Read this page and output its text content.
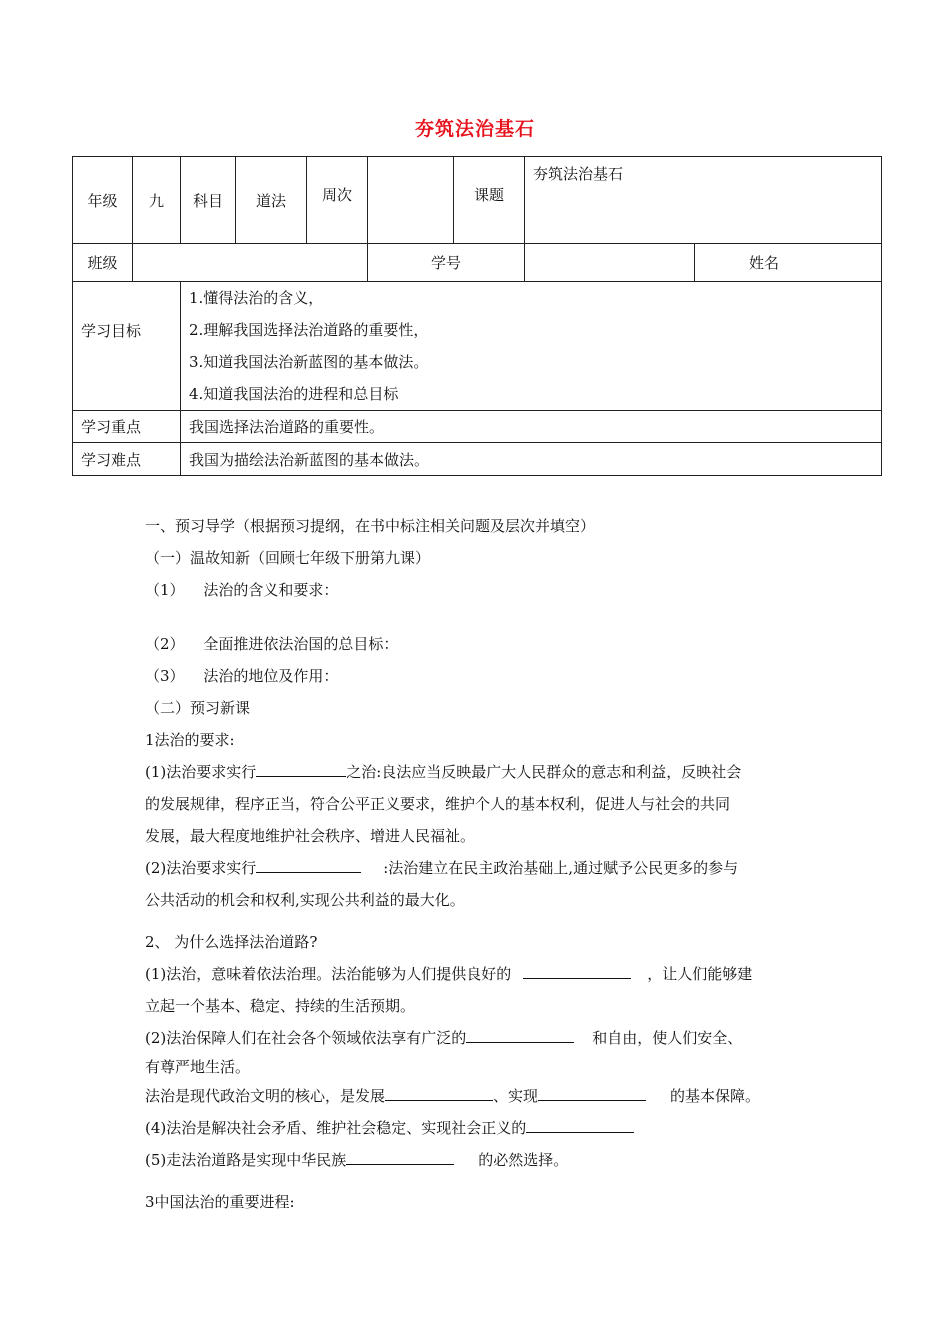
夯筑法治基石
年级	九	科目	道法	周次		课题	夯筑法治基石		
班级					学号			姓名	
学习目标		1.懂得法治的含义，
2.理解我国选择法治道路的重要性，
3.知道我国法治新蓝图的基本做法。
4.知道我国法治的进程和总目标							

学习重点		我国选择法治道路的重要性。							
学习难点		我国为描绘法治新蓝图的基本做法。							
一、预习导学（根据预习提纲，在书中标注相关问题及层次并填空）
（一）温故知新（回顾七年级下册第九课）
（1） 法治的含义和要求：
（2） 全面推进依法治国的总目标：
（3） 法治的地位及作用：
（二）预习新课
1法治的要求:
(1)法治要求实行	之治:良法应当反映最广大人民群众的意志和利益，反映社会
的发展规律，程序正当，符合公平正义要求，维护个人的基本权利，促进人与社会的共同
发展，最大程度地维护社会秩序、增进人民福祉。
(2)法治要求实行	:法治建立在民主政治基础上,通过赋予公民更多的参与
公共活动的机会和权利,实现公共利益的最大化。
2、 为什么选择法治道路?
(1)法治，意味着依法治理。法治能够为人们提供良好的	，让人们能够建
立起一个基本、稳定、持续的生活预期。
(2)法治保障人们在社会各个领域依法享有广泛的	和自由，使人们安全、
有尊严地生活。
法治是现代政治文明的核心，是发展	、实现	的基本保障。
(4)法治是解决社会矛盾、维护社会稳定、实现社会正义的
(5)走法治道路是实现中华民族	的必然选择。
3中国法治的重要进程:
